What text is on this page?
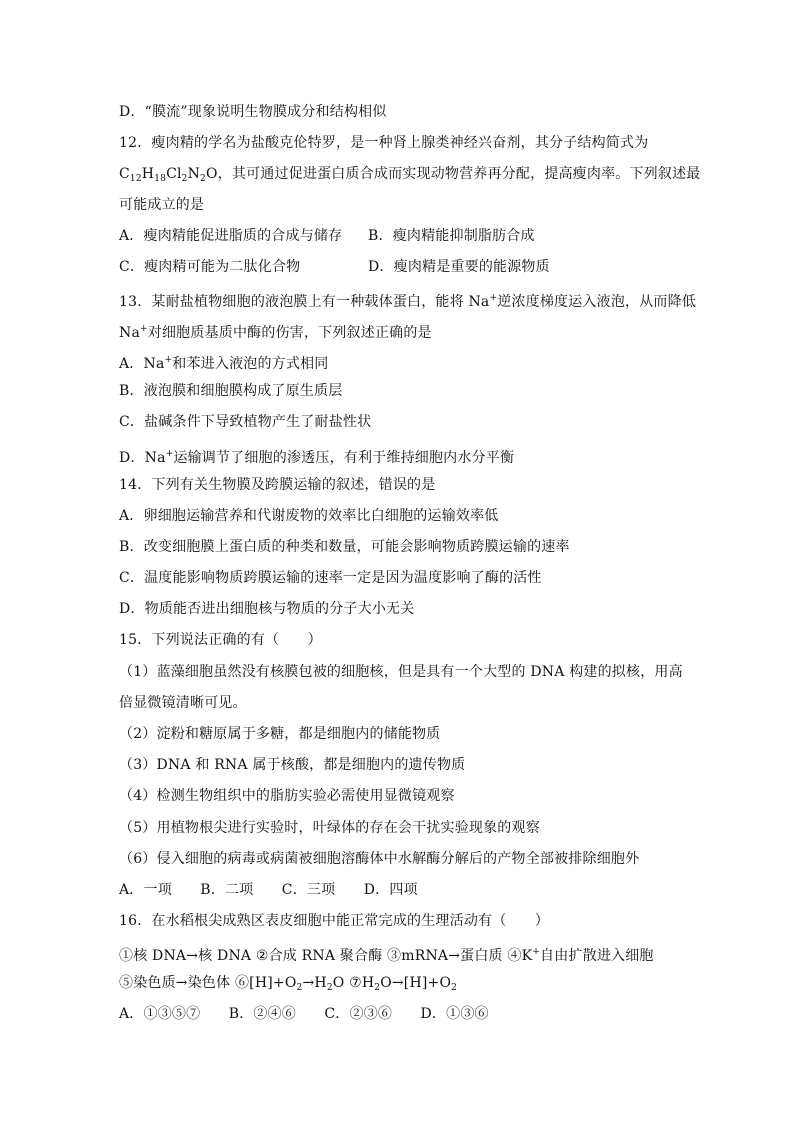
D．“膜流”现象说明生物膜成分和结构相似
12．瘦肉精的学名为盐酸克伦特罗，是一种肾上腺类神经兴奋剂，其分子结构简式为
$C_{12}H_{18}Cl_2N_2O$，其可通过促进蛋白质合成而实现动物营养再分配，提高瘦肉率。下列叙述最
可能成立的是
A．瘦肉精能促进脂质的合成与储存 B．瘦肉精能抑制脂肪合成
C．瘦肉精可能为二肽化合物	D．瘦肉精是重要的能源物质
13．某耐盐植物细胞的液泡膜上有一种载体蛋白，能将 Na+逆浓度梯度运入液泡，从而降低
Na+对细胞质基质中酶的伤害，下列叙述正确的是
A．Na+和苯进入液泡的方式相同
B．液泡膜和细胞膜构成了原生质层
C．盐碱条件下导致植物产生了耐盐性状
D．Na+运输调节了细胞的渗透压，有利于维持细胞内水分平衡
14．下列有关生物膜及跨膜运输的叙述，错误的是
A．卵细胞运输营养和代谢废物的效率比白细胞的运输效率低
B．改变细胞膜上蛋白质的种类和数量，可能会影响物质跨膜运输的速率
C．温度能影响物质跨膜运输的速率一定是因为温度影响了酶的活性
D．物质能否进出细胞核与物质的分子大小无关
15．下列说法正确的有（　　）
（1）蓝藻细胞虽然没有核膜包被的细胞核，但是具有一个大型的 DNA 构建的拟核，用高
倍显微镜清晰可见。
（2）淀粉和糖原属于多糖，都是细胞内的储能物质
（3）DNA 和 RNA 属于核酸，都是细胞内的遗传物质
（4）检测生物组织中的脂肪实验必需使用显微镜观察
（5）用植物根尖进行实验时，叶绿体的存在会干扰实验现象的观察
（6）侵入细胞的病毒或病菌被细胞溶酶体中水解酶分解后的产物全部被排除细胞外
A．一项　　B．二项　　C．三项　　D．四项
16．在水稻根尖成熟区表皮细胞中能正常完成的生理活动有（　　）
①核 DNA→核 DNA ②合成 RNA 聚合酶 ③mRNA→蛋白质 ④K+自由扩散进入细胞
⑤染色质→染色体 $⑥[H]+O_2\to H_2O$ $⑦H_2O\to[H]+O_2$
A．①③⑤⑦　　B．②④⑥　　C．②③⑥　　D．①③⑥
